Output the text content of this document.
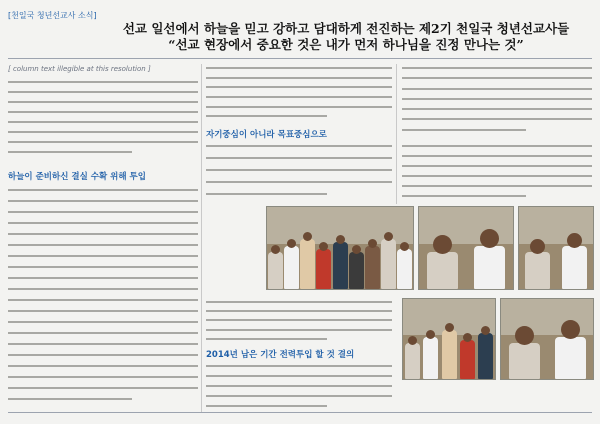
[천일국 청년선교사 소식]
선교 일선에서 하늘을 믿고 강하고 담대하게 전진하는 제2기 천일국 청년선교사들
“선교 현장에서 중요한 것은 내가 먼저 하나님을 진정 만나는 것”
[ column text illegible at this resolution ]
하늘이 준비하신 결실 수확 위해 투입
자기중심이 아니라 목표중심으로
2014년 남은 기간 전력투입 할 것 결의
